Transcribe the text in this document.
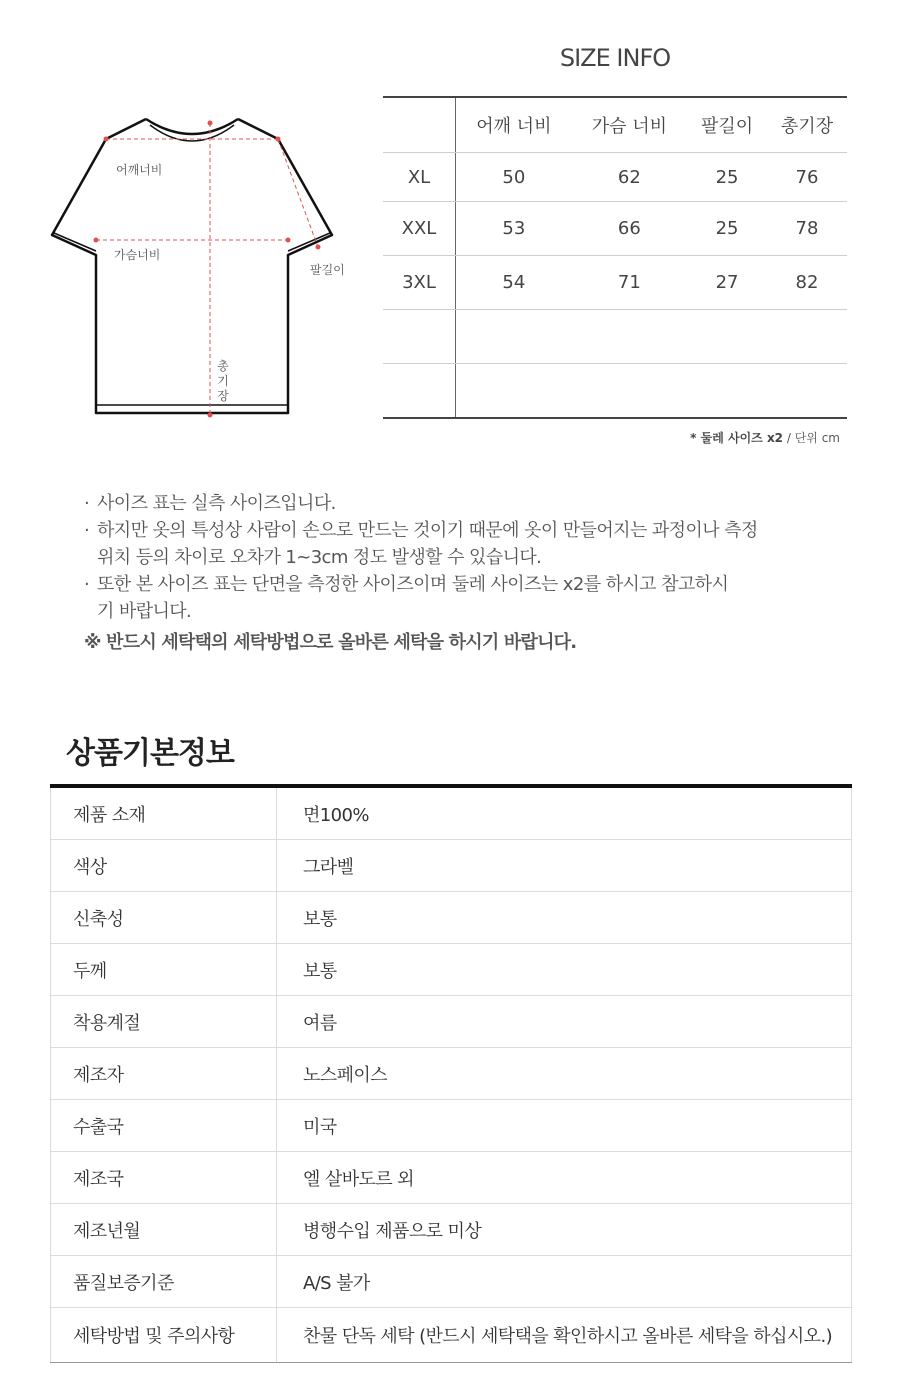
SIZE INFO
어깨너비
가슴너비
팔길이
총기장
	어깨 너비	가슴 너비	팔길이	총기장
XL	50	62	25	76
XXL	53	66	25	78
3XL	54	71	27	82

* 둘레 사이즈 x2 / 단위 cm
· 사이즈 표는 실측 사이즈입니다.
· 하지만 옷의 특성상 사람이 손으로 만드는 것이기 때문에 옷이 만들어지는 과정이나 측정위치 등의 차이로 오차가 1~3cm 정도 발생할 수 있습니다.
· 또한 본 사이즈 표는 단면을 측정한 사이즈이며 둘레 사이즈는 x2를 하시고 참고하시기 바랍니다.
※ 반드시 세탁택의 세탁방법으로 올바른 세탁을 하시기 바랍니다.
상품기본정보
제품 소재	면100%
색상	그라벨
신축성	보통
두께	보통
착용계절	여름
제조자	노스페이스
수출국	미국
제조국	엘 살바도르 외
제조년월	병행수입 제품으로 미상
품질보증기준	A/S 불가
세탁방법 및 주의사항	찬물 단독 세탁 (반드시 세탁택을 확인하시고 올바른 세탁을 하십시오.)
